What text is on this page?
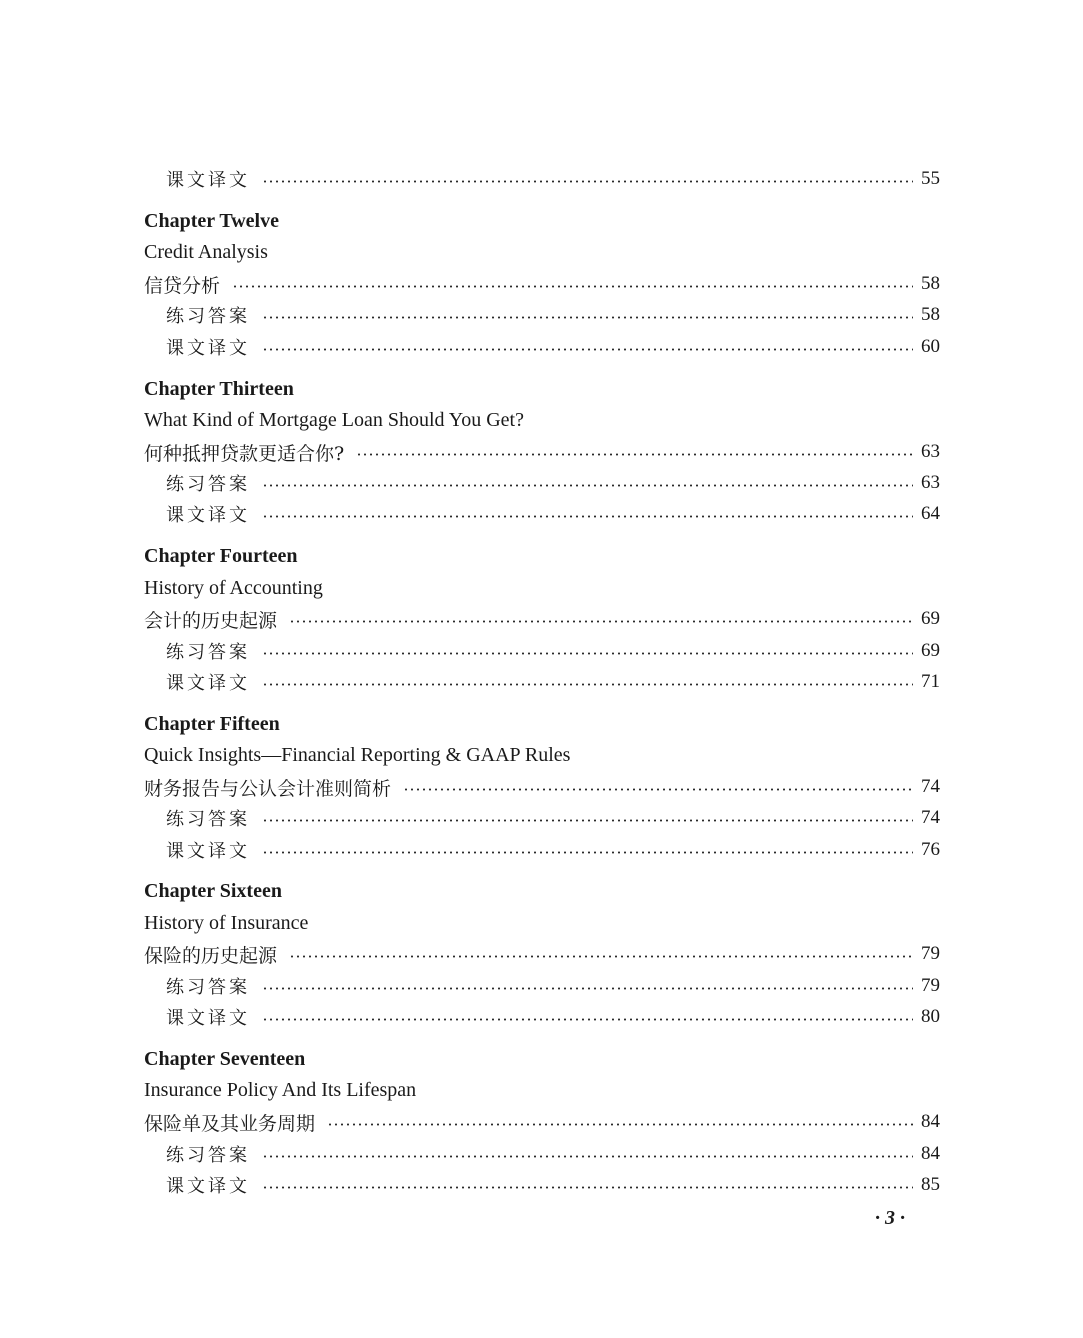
课文译文	55
Chapter Twelve
Credit Analysis
信贷分析	58
练习答案	58
课文译文	60
Chapter Thirteen
What Kind of Mortgage Loan Should You Get?
何种抵押贷款更适合你?	63
练习答案	63
课文译文	64
Chapter Fourteen
History of Accounting
会计的历史起源	69
练习答案	69
课文译文	71
Chapter Fifteen
Quick Insights—Financial Reporting & GAAP Rules
财务报告与公认会计准则简析	74
练习答案	74
课文译文	76
Chapter Sixteen
History of Insurance
保险的历史起源	79
练习答案	79
课文译文	80
Chapter Seventeen
Insurance Policy And Its Lifespan
保险单及其业务周期	84
练习答案	84
课文译文	85
· 3 ·
